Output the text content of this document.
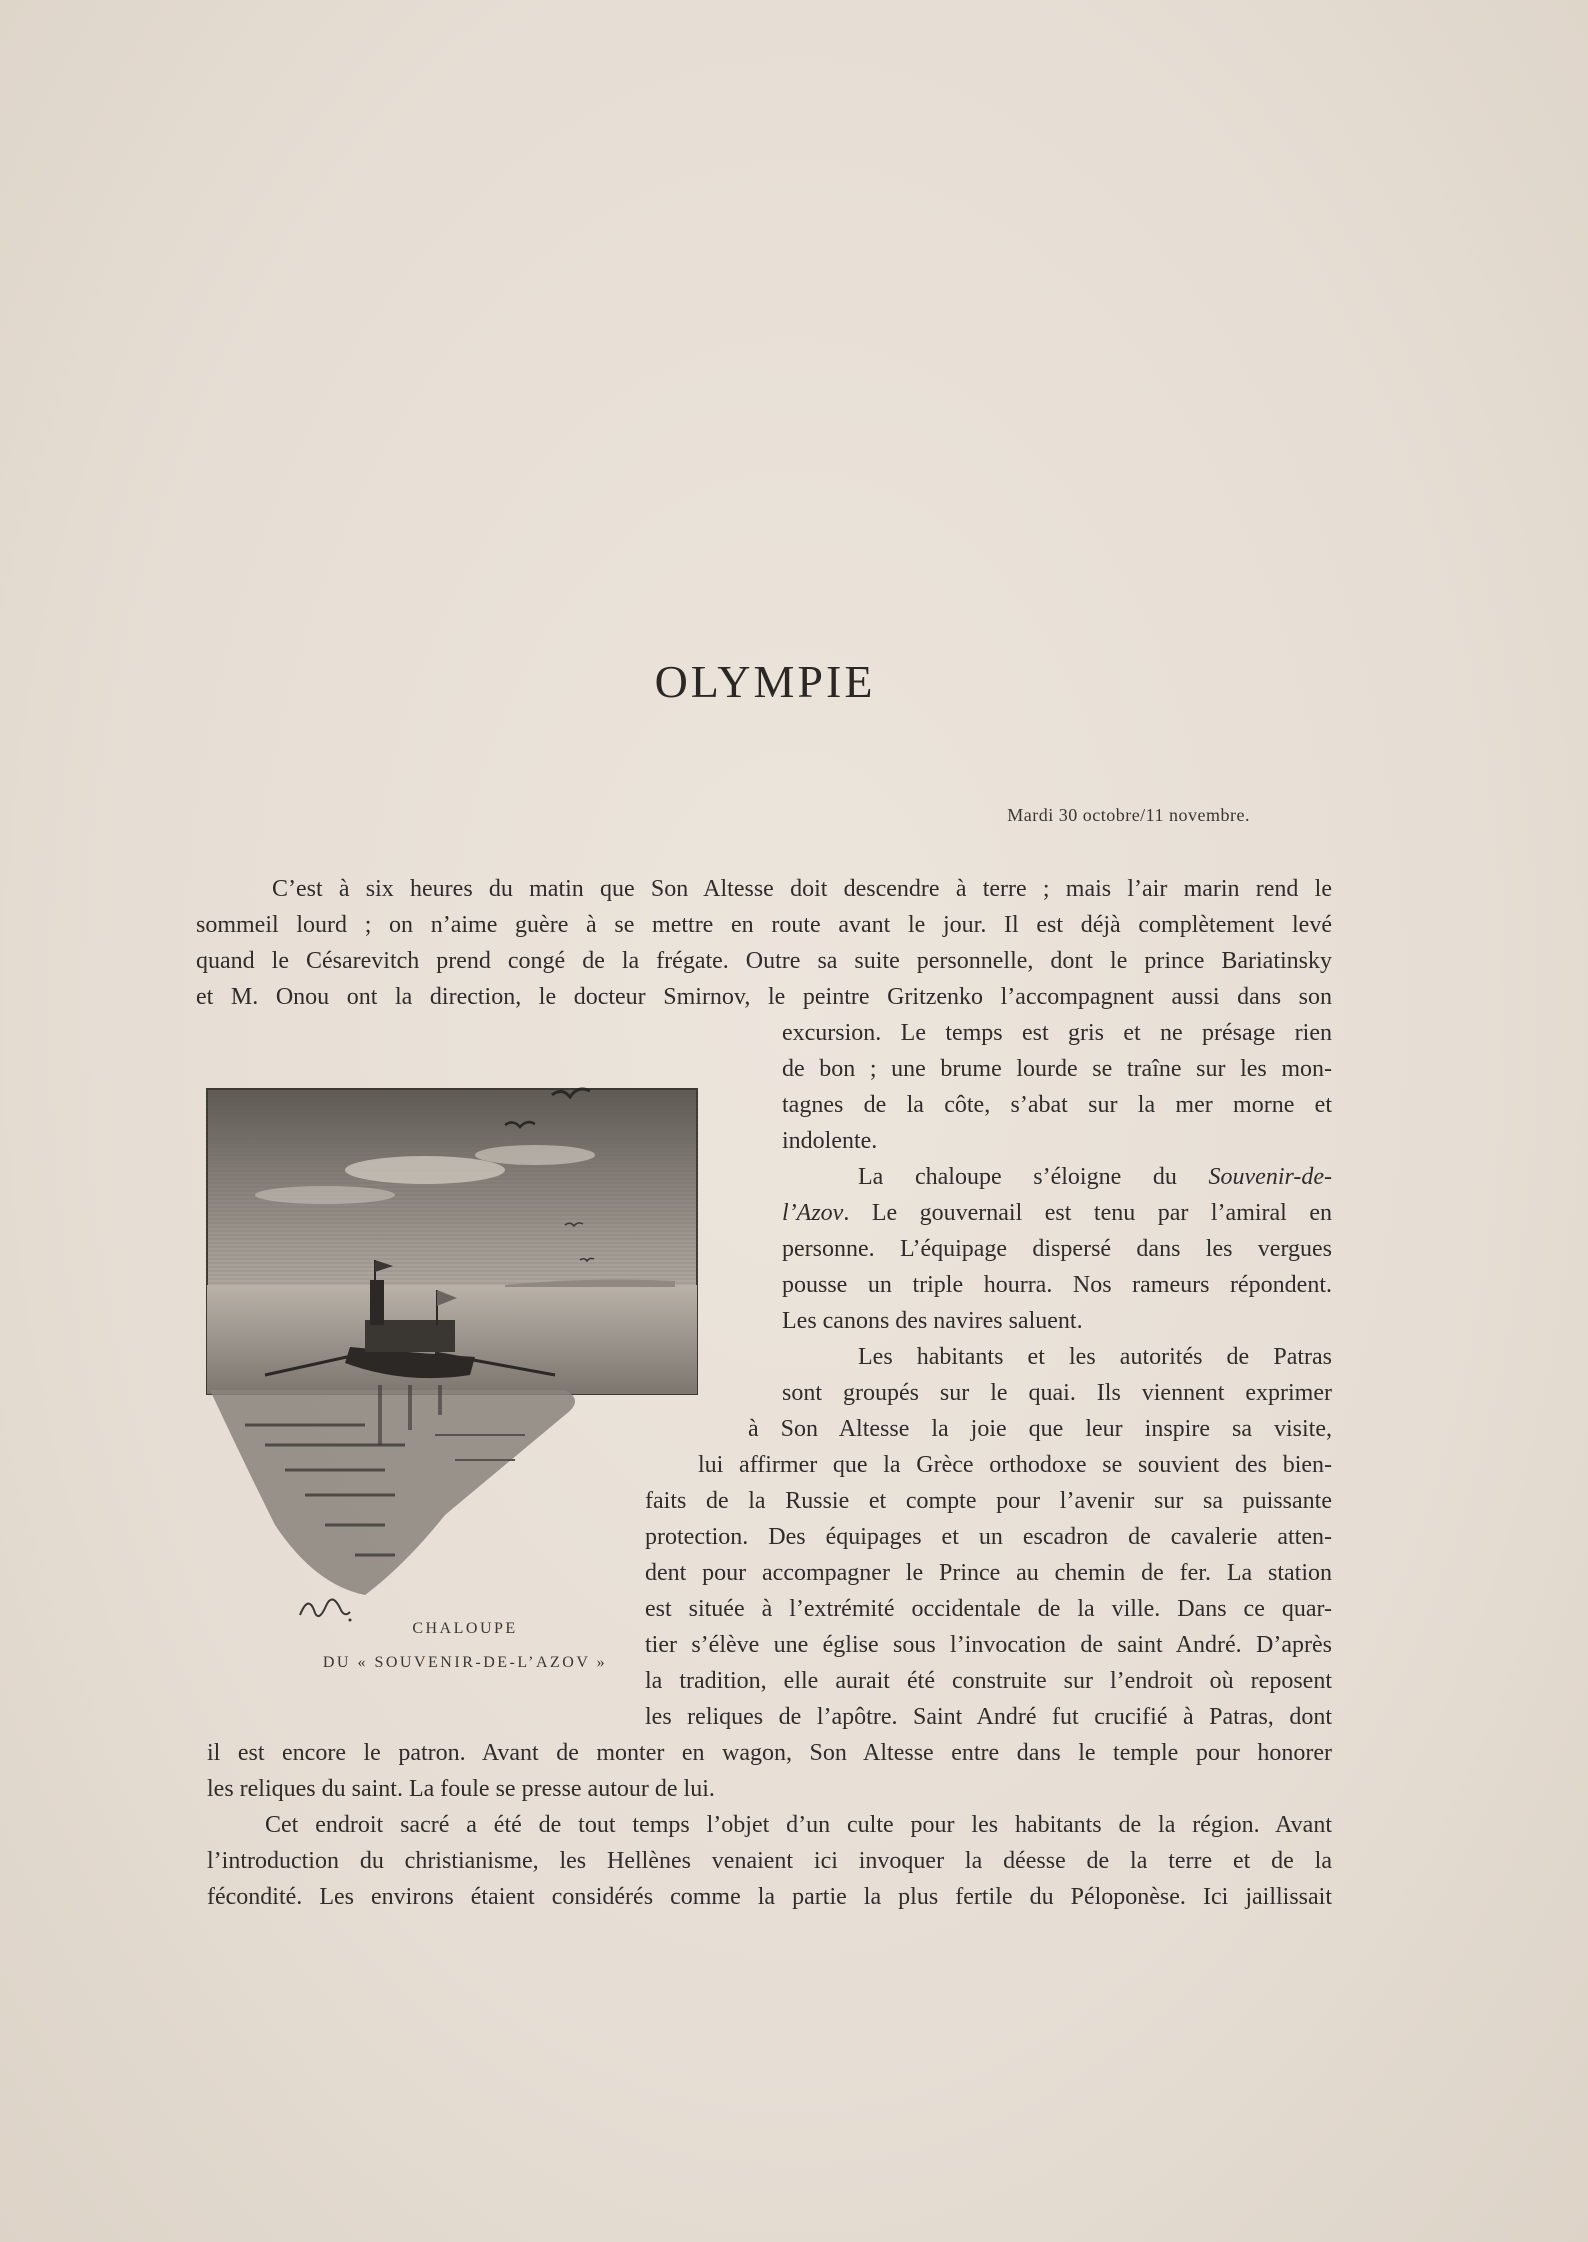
OLYMPIE
Mardi 30 octobre/11 novembre.
C’est à six heures du matin que Son Altesse doit descendre à terre ; mais l’air marin rend le
sommeil lourd ; on n’aime guère à se mettre en route avant le jour. Il est déjà complètement levé
quand le Césarevitch prend congé de la frégate. Outre sa suite personnelle, dont le prince Bariatinsky
et M. Onou ont la direction, le docteur Smirnov, le peintre Gritzenko l’accompagnent aussi dans son
excursion. Le temps est gris et ne présage rien
de bon ; une brume lourde se traîne sur les mon-
tagnes de la côte, s’abat sur la mer morne et
indolente.
La chaloupe s’éloigne du Souvenir-de-
l’Azov. Le gouvernail est tenu par l’amiral en
personne. L’équipage dispersé dans les vergues
pousse un triple hourra. Nos rameurs répondent.
Les canons des navires saluent.
Les habitants et les autorités de Patras
sont groupés sur le quai. Ils viennent exprimer
à Son Altesse la joie que leur inspire sa visite,
lui affirmer que la Grèce orthodoxe se souvient des bien-
faits de la Russie et compte pour l’avenir sur sa puissante
protection. Des équipages et un escadron de cavalerie atten-
dent pour accompagner le Prince au chemin de fer. La station
est située à l’extrémité occidentale de la ville. Dans ce quar-
tier s’élève une église sous l’invocation de saint André. D’après
la tradition, elle aurait été construite sur l’endroit où reposent
les reliques de l’apôtre. Saint André fut crucifié à Patras, dont
il est encore le patron. Avant de monter en wagon, Son Altesse entre dans le temple pour honorer
les reliques du saint. La foule se presse autour de lui.
Cet endroit sacré a été de tout temps l’objet d’un culte pour les habitants de la région. Avant
l’introduction du christianisme, les Hellènes venaient ici invoquer la déesse de la terre et de la
fécondité. Les environs étaient considérés comme la partie la plus fertile du Péloponèse. Ici jaillissait
CHALOUPE
DU « SOUVENIR-DE-L’AZOV »
